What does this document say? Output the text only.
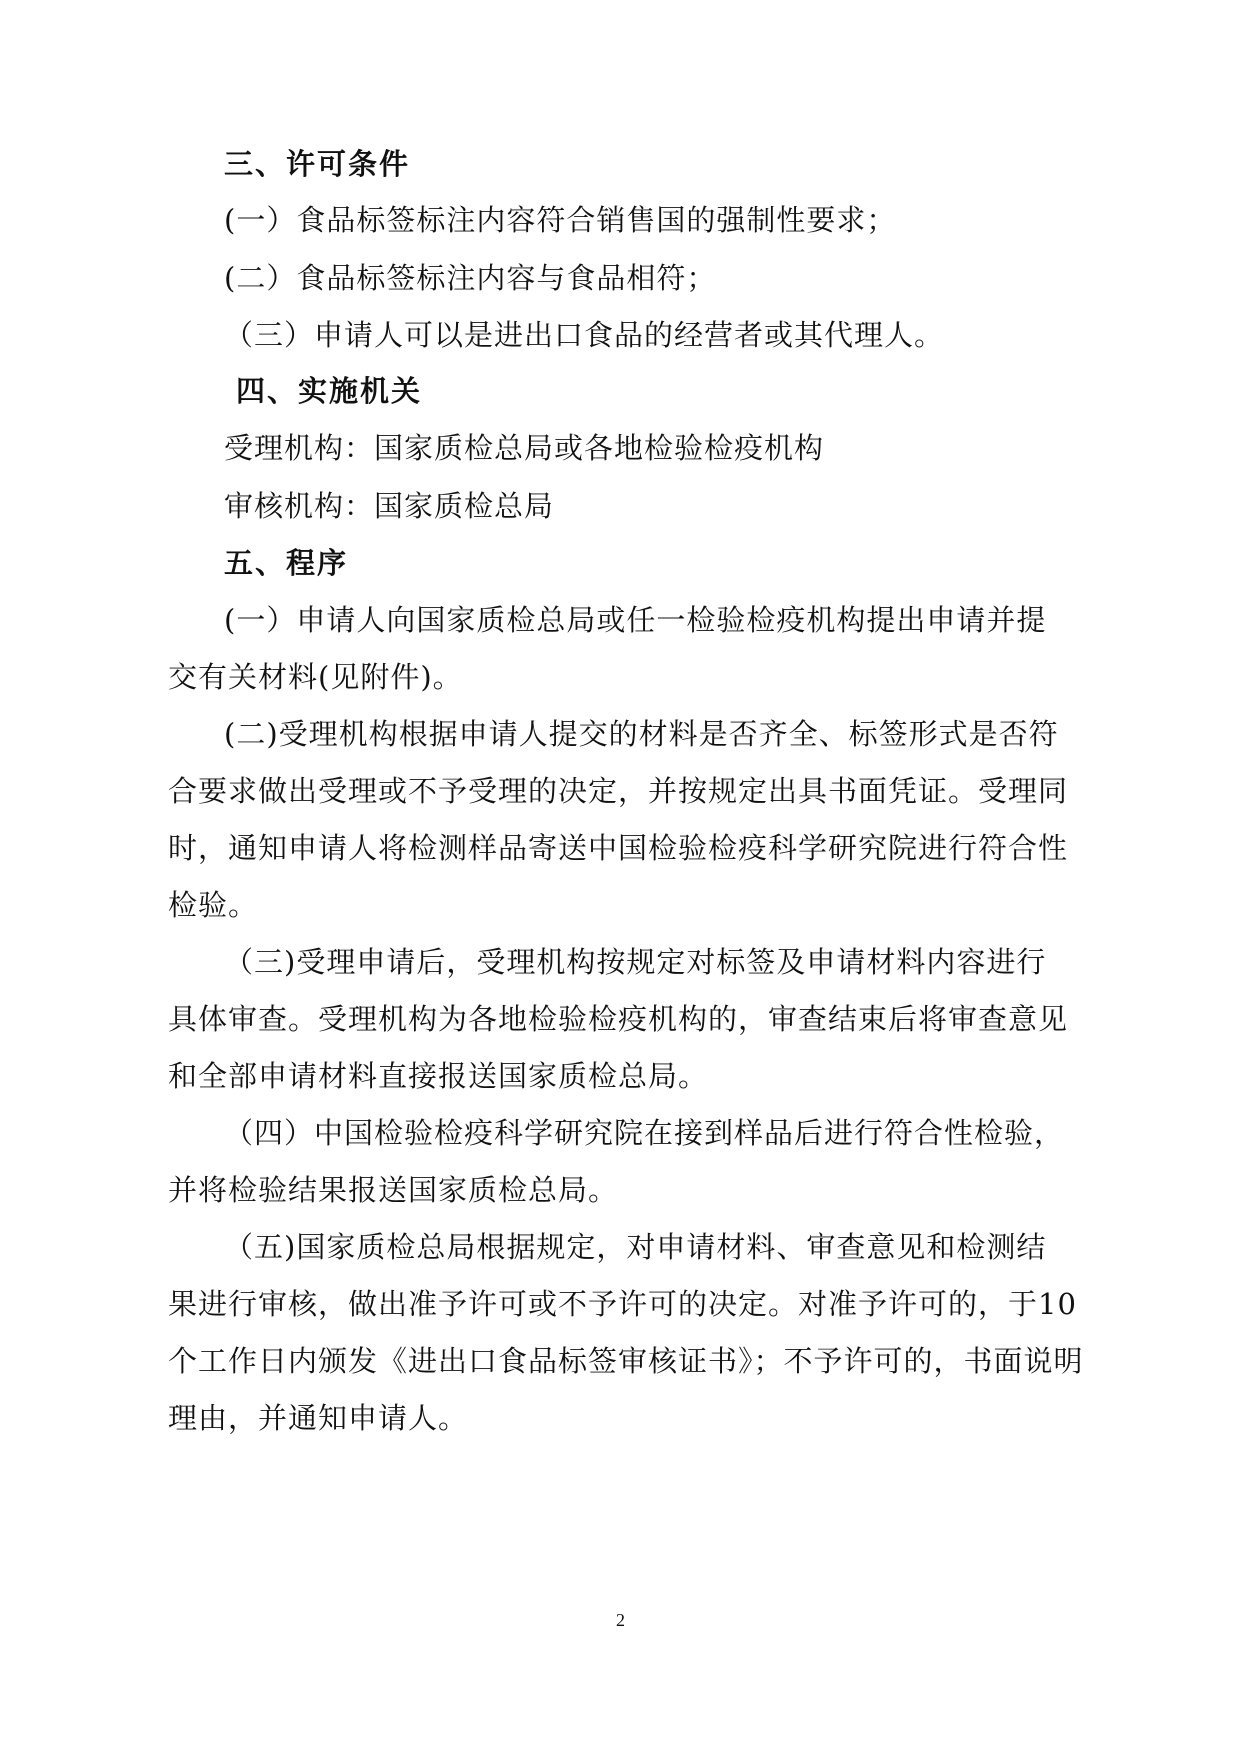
三、许可条件

(一）食品标签标注内容符合销售国的强制性要求；

(二）食品标签标注内容与食品相符；

（三）申请人可以是进出口食品的经营者或其代理人。

四、实施机关

受理机构：国家质检总局或各地检验检疫机构

审核机构：国家质检总局

五、程序

(一）申请人向国家质检总局或任一检验检疫机构提出申请并提

交有关材料(见附件)。

(二)受理机构根据申请人提交的材料是否齐全、标签形式是否符

合要求做出受理或不予受理的决定，并按规定出具书面凭证。受理同

时，通知申请人将检测样品寄送中国检验检疫科学研究院进行符合性

检验。

（三)受理申请后，受理机构按规定对标签及申请材料内容进行

具体审查。受理机构为各地检验检疫机构的，审查结束后将审查意见

和全部申请材料直接报送国家质检总局。

（四）中国检验检疫科学研究院在接到样品后进行符合性检验，

并将检验结果报送国家质检总局。

（五)国家质检总局根据规定，对申请材料、审查意见和检测结

果进行审核，做出准予许可或不予许可的决定。对准予许可的，于10

个工作日内颁发《进出口食品标签审核证书》；不予许可的，书面说明

理由，并通知申请人。

2
